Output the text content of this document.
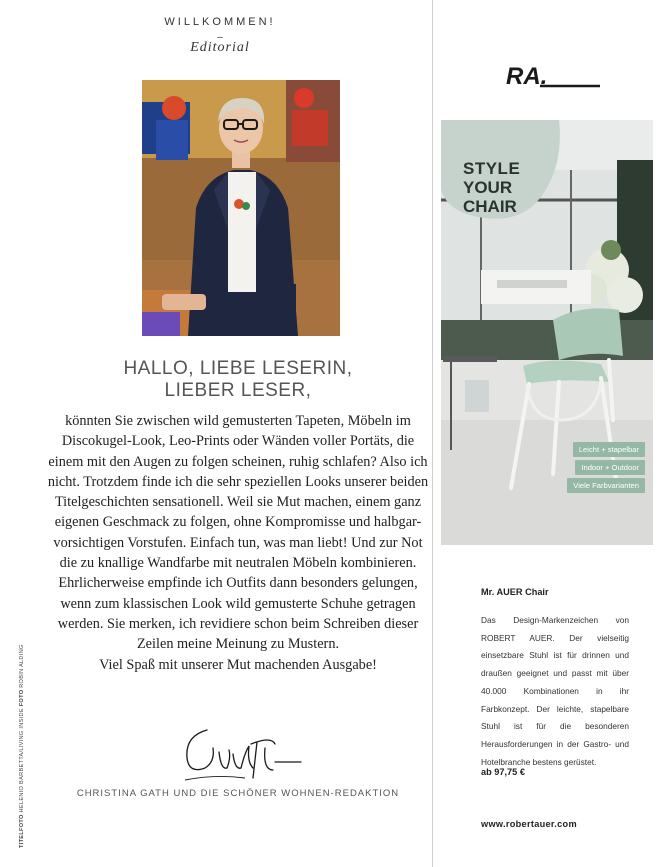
WILLKOMMEN!
–
Editorial
HALLO, LIEBE LESERIN,
LIEBER LESER,
könnten Sie zwischen wild gemusterten Tapeten, Möbeln im Discokugel-Look, Leo-Prints oder Wänden voller Portäts, die einem mit den Augen zu folgen scheinen, ruhig schlafen? Also ich nicht. Trotzdem finde ich die sehr speziellen Looks unserer beiden Titelgeschichten sensationell. Weil sie Mut machen, einem ganz eigenen Geschmack zu folgen, ohne Kompromisse und halbgar-vorsichtigen Vorstufen. Einfach tun, was man liebt! Und zur Not die zu knallige Wandfarbe mit neutralen Möbeln kombinieren. Ehrlicherweise empfinde ich Outfits dann besonders gelungen, wenn zum klassischen Look wild gemusterte Schuhe getragen werden. Sie merken, ich revidiere schon beim Schreiben dieser Zeilen meine Meinung zu Mustern.
Viel Spaß mit unserer Mut machenden Ausgabe!
CHRISTINA GATH UND DIE SCHÖNER WOHNEN-REDAKTION
TITELFOTO HELENIO BARBETTA/LIVING INSIDE FOTO ROBIN ALDING
RA.
STYLE
YOUR
CHAIR
Leicht + stapelbar
Indoor + Outdoor
Viele Farbvarianten
Mr. AUER Chair
Das Design-Markenzeichen von ROBERT AUER. Der vielseitig einsetzbare Stuhl ist für drinnen und draußen geeignet und passt mit über 40.000 Kombinationen in ihr Farbkonzept. Der leichte, stapelbare Stuhl ist für die besonderen Herausforderungen in der Gastro- und Hotelbranche bestens gerüstet.
ab 97,75 €
www.robertauer.com
